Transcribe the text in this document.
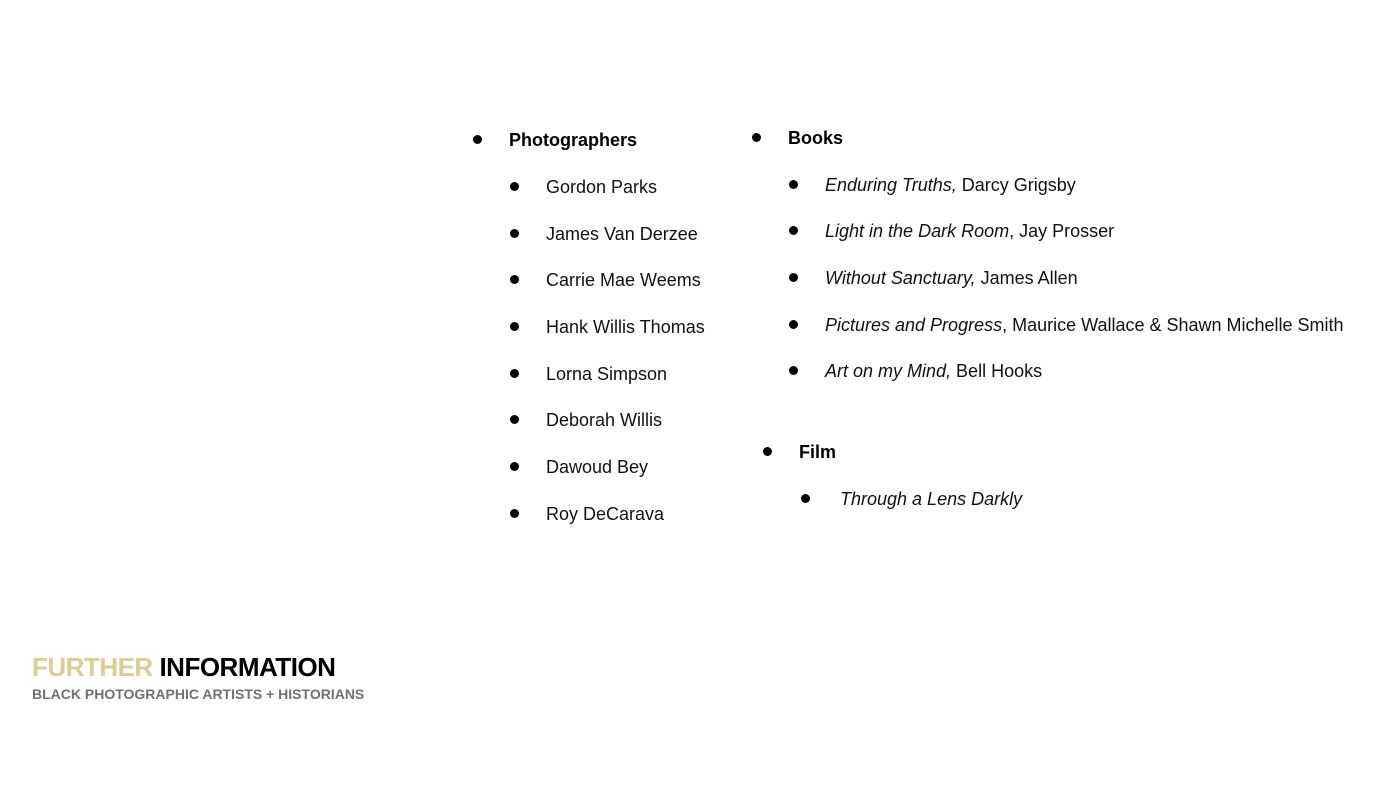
Photographers
Gordon Parks
James Van Derzee
Carrie Mae Weems
Hank Willis Thomas
Lorna Simpson
Deborah Willis
Dawoud Bey
Roy DeCarava
Books
Enduring Truths, Darcy Grigsby
Light in the Dark Room, Jay Prosser
Without Sanctuary, James Allen
Pictures and Progress, Maurice Wallace & Shawn Michelle Smith
Art on my Mind, Bell Hooks
Film
Through a Lens Darkly
FURTHER INFORMATION
BLACK PHOTOGRAPHIC ARTISTS + HISTORIANS
